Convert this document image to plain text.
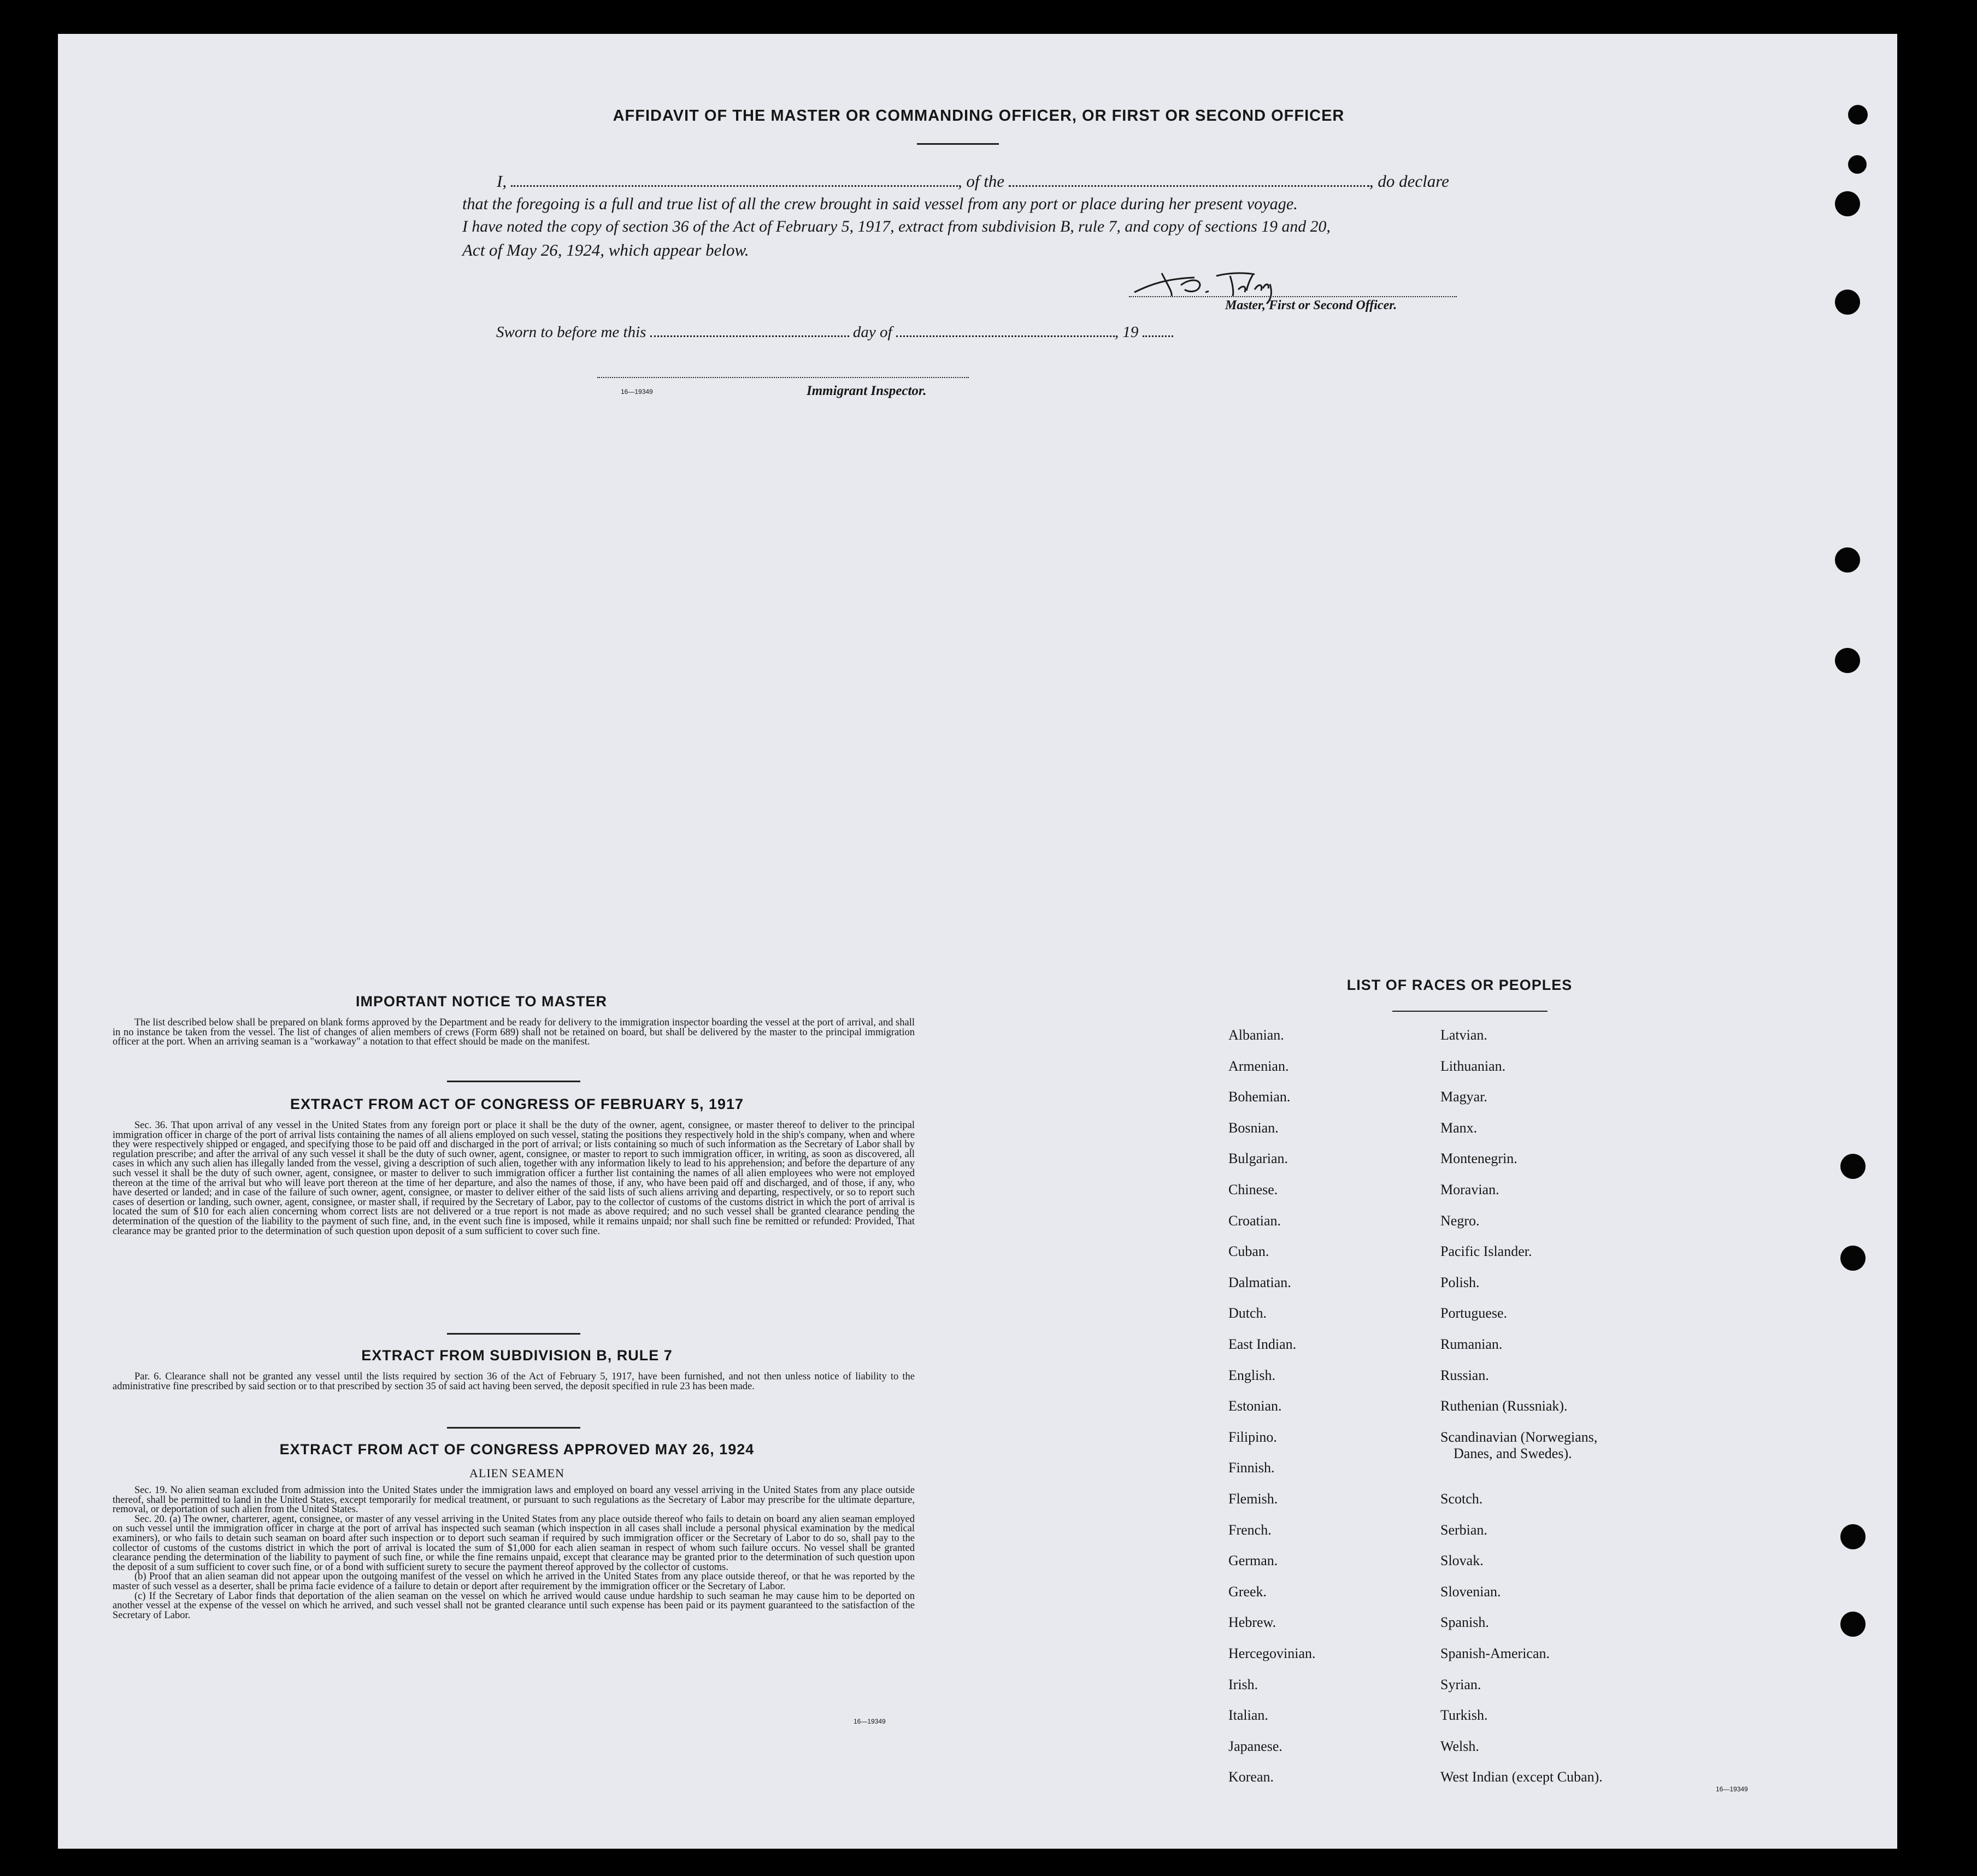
AFFIDAVIT OF THE MASTER OR COMMANDING OFFICER, OR FIRST OR SECOND OFFICER
I,	, of the	, do declare
that the foregoing is a full and true list of all the crew brought in said vessel from any port or place during her present voyage.
I have noted the copy of section 36 of the Act of February 5, 1917, extract from subdivision B, rule 7, and copy of sections 19 and 20,
Act of May 26, 1924, which appear below.
Master, First or Second Officer.
Sworn to before me this	day of	, 19
16—19349	Immigrant Inspector.
IMPORTANT NOTICE TO MASTER

The list described below shall be prepared on blank forms approved by the Department and be ready for delivery to the immigration inspector boarding the vessel at the port of arrival, and shall in no instance be taken from the vessel. The list of changes of alien members of crews (Form 689) shall not be retained on board, but shall be delivered by the master to the principal immigration officer at the port. When an arriving seaman is a "workaway" a notation to that effect should be made on the manifest.

EXTRACT FROM ACT OF CONGRESS OF FEBRUARY 5, 1917

Sec. 36. That upon arrival of any vessel in the United States from any foreign port or place it shall be the duty of the owner, agent, consignee, or master thereof to deliver to the principal immigration officer in charge of the port of arrival lists containing the names of all aliens employed on such vessel, stating the positions they respectively hold in the ship's company, when and where they were respectively shipped or engaged, and specifying those to be paid off and discharged in the port of arrival; or lists containing so much of such information as the Secretary of Labor shall by regulation prescribe; and after the arrival of any such vessel it shall be the duty of such owner, agent, consignee, or master to report to such immigration officer, in writing, as soon as discovered, all cases in which any such alien has illegally landed from the vessel, giving a description of such alien, together with any information likely to lead to his apprehension; and before the departure of any such vessel it shall be the duty of such owner, agent, consignee, or master to deliver to such immigration officer a further list containing the names of all alien employees who were not employed thereon at the time of the arrival but who will leave port thereon at the time of her departure, and also the names of those, if any, who have been paid off and discharged, and of those, if any, who have deserted or landed; and in case of the failure of such owner, agent, consignee, or master to deliver either of the said lists of such aliens arriving and departing, respectively, or so to report such cases of desertion or landing, such owner, agent, consignee, or master shall, if required by the Secretary of Labor, pay to the collector of customs of the customs district in which the port of arrival is located the sum of $10 for each alien concerning whom correct lists are not delivered or a true report is not made as above required; and no such vessel shall be granted clearance pending the determination of the question of the liability to the payment of such fine, and, in the event such fine is imposed, while it remains unpaid; nor shall such fine be remitted or refunded: Provided, That clearance may be granted prior to the determination of such question upon deposit of a sum sufficient to cover such fine.

EXTRACT FROM SUBDIVISION B, RULE 7

Par. 6. Clearance shall not be granted any vessel until the lists required by section 36 of the Act of February 5, 1917, have been furnished, and not then unless notice of liability to the administrative fine prescribed by said section or to that prescribed by section 35 of said act having been served, the deposit specified in rule 23 has been made.

EXTRACT FROM ACT OF CONGRESS APPROVED MAY 26, 1924
ALIEN SEAMEN

Sec. 19. No alien seaman excluded from admission into the United States under the immigration laws and employed on board any vessel arriving in the United States from any place outside thereof, shall be permitted to land in the United States, except temporarily for medical treatment, or pursuant to such regulations as the Secretary of Labor may prescribe for the ultimate departure, removal, or deportation of such alien from the United States.

Sec. 20. (a) The owner, charterer, agent, consignee, or master of any vessel arriving in the United States from any place outside thereof who fails to detain on board any alien seaman employed on such vessel until the immigration officer in charge at the port of arrival has inspected such seaman (which inspection in all cases shall include a personal physical examination by the medical examiners), or who fails to detain such seaman on board after such inspection or to deport such seaman if required by such immigration officer or the Secretary of Labor to do so, shall pay to the collector of customs of the customs district in which the port of arrival is located the sum of $1,000 for each alien seaman in respect of whom such failure occurs. No vessel shall be granted clearance pending the determination of the liability to payment of such fine, or while the fine remains unpaid, except that clearance may be granted prior to the determination of such question upon the deposit of a sum sufficient to cover such fine, or of a bond with sufficient surety to secure the payment thereof approved by the collector of customs.

(b) Proof that an alien seaman did not appear upon the outgoing manifest of the vessel on which he arrived in the United States from any place outside thereof, or that he was reported by the master of such vessel as a deserter, shall be prima facie evidence of a failure to detain or deport after requirement by the immigration officer or the Secretary of Labor.

(c) If the Secretary of Labor finds that deportation of the alien seaman on the vessel on which he arrived would cause undue hardship to such seaman he may cause him to be deported on another vessel at the expense of the vessel on which he arrived, and such vessel shall not be granted clearance until such expense has been paid or its payment guaranteed to the satisfaction of the Secretary of Labor.

16—19349
LIST OF RACES OR PEOPLES
16—19349
Albanian.
Armenian.
Bohemian.
Bosnian.
Bulgarian.
Chinese.
Croatian.
Cuban.
Dalmatian.
Dutch.
East Indian.
English.
Estonian.
Filipino.
Finnish.
Flemish.
French.
German.
Greek.
Hebrew.
Hercegovinian.
Irish.
Italian.
Japanese.
Korean.
Latvian.
Lithuanian.
Magyar.
Manx.
Montenegrin.
Moravian.
Negro.
Pacific Islander.
Polish.
Portuguese.
Rumanian.
Russian.
Ruthenian (Russniak).
Scandinavian (Norwegians,
Danes, and Swedes).
Scotch.
Serbian.
Slovak.
Slovenian.
Spanish.
Spanish-American.
Syrian.
Turkish.
Welsh.
West Indian (except Cuban).
